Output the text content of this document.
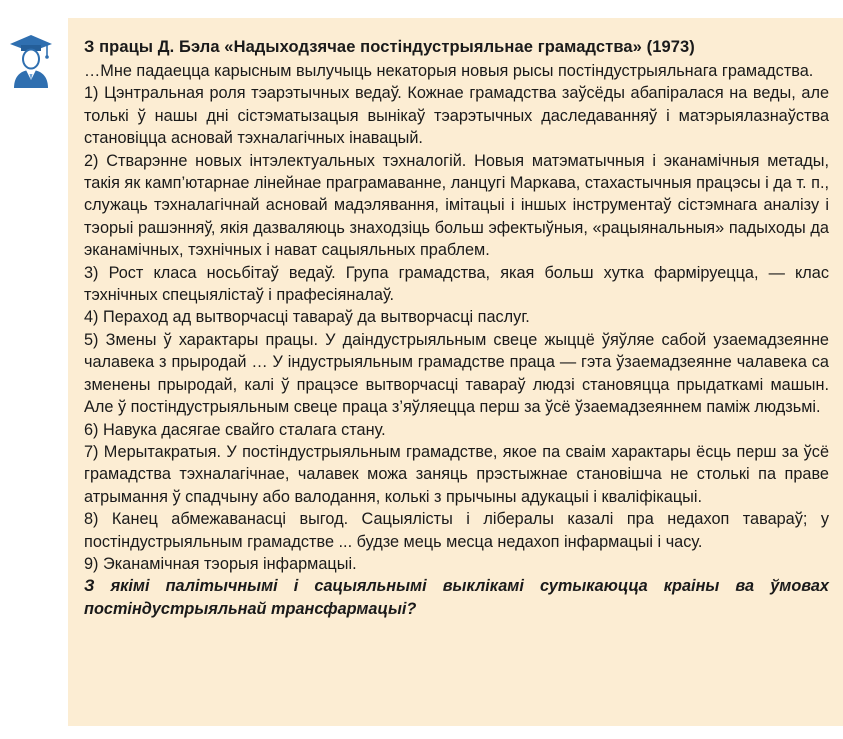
З працы Д. Бэла «Надыходзячае постіндустрыяльнае грамадства» (1973)

…Мне падаецца карысным вылучыць некаторыя новыя рысы постіндустрыяльнага грамадства.

1) Цэнтральная роля тэарэтычных ведаў. Кожнае грамадства заўсёды абапіралася на веды, але толькі ў нашы дні сістэматызацыя вынікаў тэарэтычных даследаванняў і матэрыялазнаўства становіцца асновай тэхналагічных інавацый.

2) Стварэнне новых інтэлектуальных тэхналогій. Новыя матэматычныя і эканамічныя метады, такія як камп’ютарнае лінейнае праграмаванне, ланцугі Маркава, стахастычныя працэсы і да т. п., служаць тэхналагічнай асновай мадэлявання, імітацыі і іншых інструментаў сістэмнага аналізу і тэорыі рашэнняў, якія дазваляюць знаходзіць больш эфектыўныя, «рацыянальныя» падыходы да эканамічных, тэхнічных і нават сацыяльных праблем.

3) Рост класа носьбітаў ведаў. Група грамадства, якая больш хутка фарміруецца, — клас тэхнічных спецыялістаў і прафесіяналаў.

4) Пераход ад вытворчасці тавараў да вытворчасці паслуг.

5) Змены ў характары працы. У даіндустрыяльным свеце жыццё ўяўляе сабой узаемадзеянне чалавека з прыродай … У індустрыяльным грамадстве праца — гэта ўзаемадзеянне чалавека са зменены прыродай, калі ў працэсе вытворчасці тавараў людзі становяцца прыдаткамі машын. Але ў постіндустрыяльным свеце праца з’яўляецца перш за ўсё ўзаемадзеяннем паміж людзьмі.

6) Навука дасягае свайго сталага стану.

7) Мерытакратыя. У постіндустрыяльным грамадстве, якое па сваім характары ёсць перш за ўсё грамадства тэхналагічнае, чалавек можа заняць прэстыжнае становішча не столькі па праве атрымання ў спадчыну або валодання, колькі з прычыны адукацыі і кваліфікацыі.

8) Канец абмежаванасці выгод. Сацыялісты і лібералы казалі пра недахоп тавараў; у постіндустрыяльным грамадстве ... будзе мець месца недахоп інфармацыі і часу.

9) Эканамічная тэорыя інфармацыі.

З якімі палітычнымі і сацыяльнымі выклікамі сутыкаюцца краіны ва ўмовах постіндустрыяльнай трансфармацыі?
